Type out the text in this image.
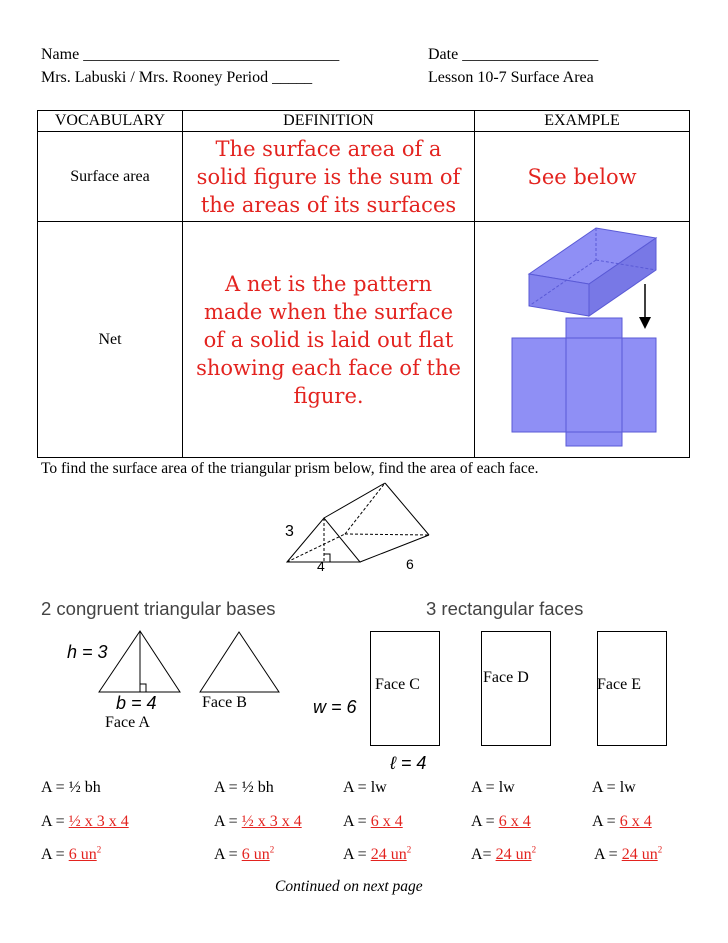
Name ________________________________	Date _________________
Mrs. Labuski / Mrs. Rooney Period _____	Lesson 10-7 Surface Area
VOCABULARY	DEFINITION	EXAMPLE
Surface area	The surface area of a solid figure is the sum of the areas of its surfaces	See below
Net	A net is the pattern made when the surface of a solid is laid out flat showing each face of the figure.	
To find the surface area of the triangular prism below, find the area of each face.
3
4	6
2 congruent triangular bases	3 rectangular faces
h = 3
b = 4
Face A
Face B	w = 6
ℓ = 4
Face C	Face D	Face E
A = ½ bh	A = ½ bh	A = lw	A = lw	A = lw
A = ½ x 3 x 4	A = ½ x 3 x 4	A = 6 x 4	A = 6 x 4	A = 6 x 4
A = 6 $un^2$	A = 6 $un^2$	A = 24 $un^2$	A= 24 $un^2$	A = 24 $un^2$
Continued on next page
